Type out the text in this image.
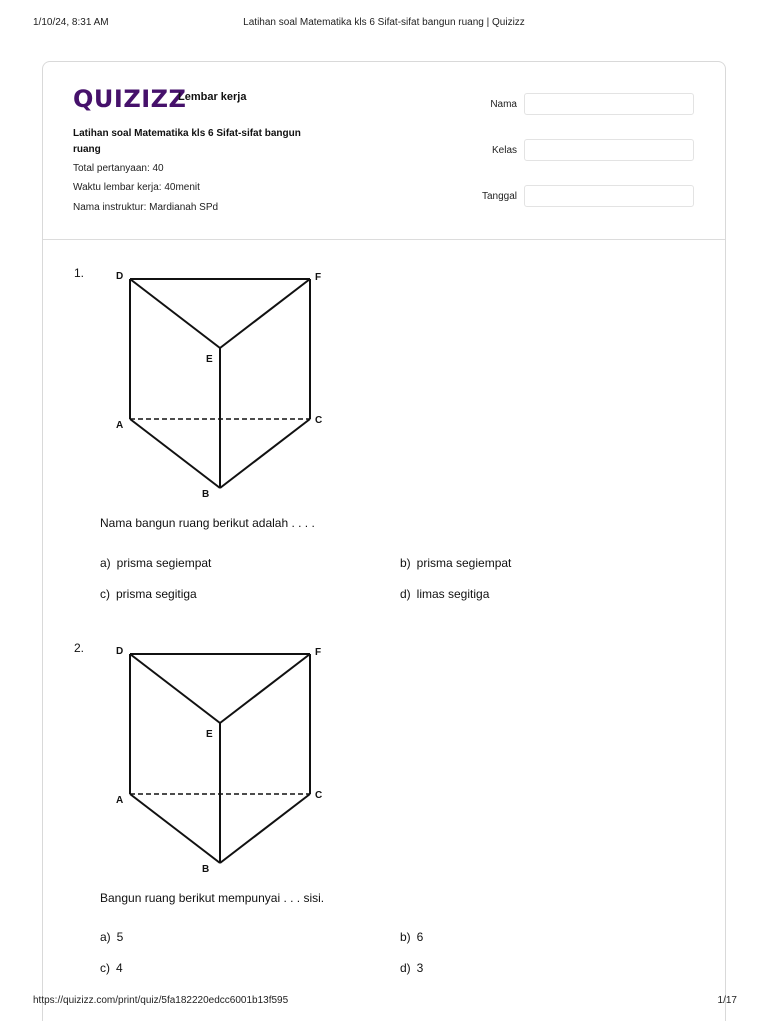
1/10/24, 8:31 AM	Latihan soal Matematika kls 6 Sifat-sifat bangun ruang | Quizizz
QUIZIZZ
Lembar kerja
Latihan soal Matematika kls 6 Sifat-sifat bangun ruang
Total pertanyaan: 40
Waktu lembar kerja: 40menit
Nama instruktur: Mardianah SPd
Nama
Kelas
Tanggal
1.	D	F
E
A	C
B
Nama bangun ruang berikut adalah . . . .
a) prisma segiempat	b) prisma segiempat
c) prisma segitiga	d) limas segitiga
2.	D	F
E
A	C
B
Bangun ruang berikut mempunyai . . . sisi.
a) 5	b) 6
c) 4	d) 3
https://quizizz.com/print/quiz/5fa182220edcc6001b13f595	1/17
